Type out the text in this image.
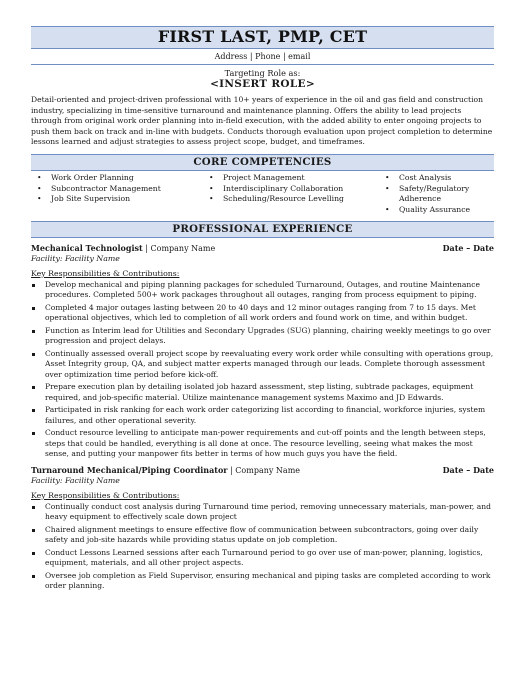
FIRST LAST, PMP, CET
Address | Phone | email
Targeting Role as:
<INSERT ROLE>
Detail-oriented and project-driven professional with 10+ years of experience in the oil and gas field and construction industry, specializing in time-sensitive turnaround and maintenance planning. Offers the ability to lead projects through from original work order planning into in-field execution, with the added ability to enter ongoing projects to push them back on track and in-line with budgets. Conducts thorough evaluation upon project completion to determine lessons learned and adjust strategies to assess project scope, budget, and timeframes.
CORE COMPETENCIES
• Work Order Planning
• Subcontractor Management
• Job Site Supervision
• Project Management
• Interdisciplinary Collaboration
• Scheduling/Resource Levelling
• Cost Analysis
• Safety/Regulatory Adherence
• Quality Assurance
PROFESSIONAL EXPERIENCE
Mechanical Technologist | Company Name	Date – Date
Facility: Facility Name
Key Responsibilities & Contributions:
Develop mechanical and piping planning packages for scheduled Turnaround, Outages, and routine Maintenance procedures. Completed 500+ work packages throughout all outages, ranging from process equipment to piping.
Completed 4 major outages lasting between 20 to 40 days and 12 minor outages ranging from 7 to 15 days. Met operational objectives, which led to completion of all work orders and found work on time, and within budget.
Function as Interim lead for Utilities and Secondary Upgrades (SUG) planning, chairing weekly meetings to go over progression and project delays.
Continually assessed overall project scope by reevaluating every work order while consulting with operations group, Asset Integrity group, QA, and subject matter experts managed through our leads. Complete thorough assessment over optimization time period before kick-off.
Prepare execution plan by detailing isolated job hazard assessment, step listing, subtrade packages, equipment required, and job-specific material. Utilize maintenance management systems Maximo and JD Edwards.
Participated in risk ranking for each work order categorizing list according to financial, workforce injuries, system failures, and other operational severity.
Conduct resource levelling to anticipate man-power requirements and cut-off points and the length between steps, steps that could be handled, everything is all done at once. The resource levelling, seeing what makes the most sense, and putting your manpower fits better in terms of how much guys you have the field.
Turnaround Mechanical/Piping Coordinator | Company Name	Date – Date
Facility: Facility Name
Key Responsibilities & Contributions:
Continually conduct cost analysis during Turnaround time period, removing unnecessary materials, man-power, and heavy equipment to effectively scale down project
Chaired alignment meetings to ensure effective flow of communication between subcontractors, going over daily safety and job-site hazards while providing status update on job completion.
Conduct Lessons Learned sessions after each Turnaround period to go over use of man-power, planning, logistics, equipment, materials, and all other project aspects.
Oversee job completion as Field Supervisor, ensuring mechanical and piping tasks are completed according to work order planning.
